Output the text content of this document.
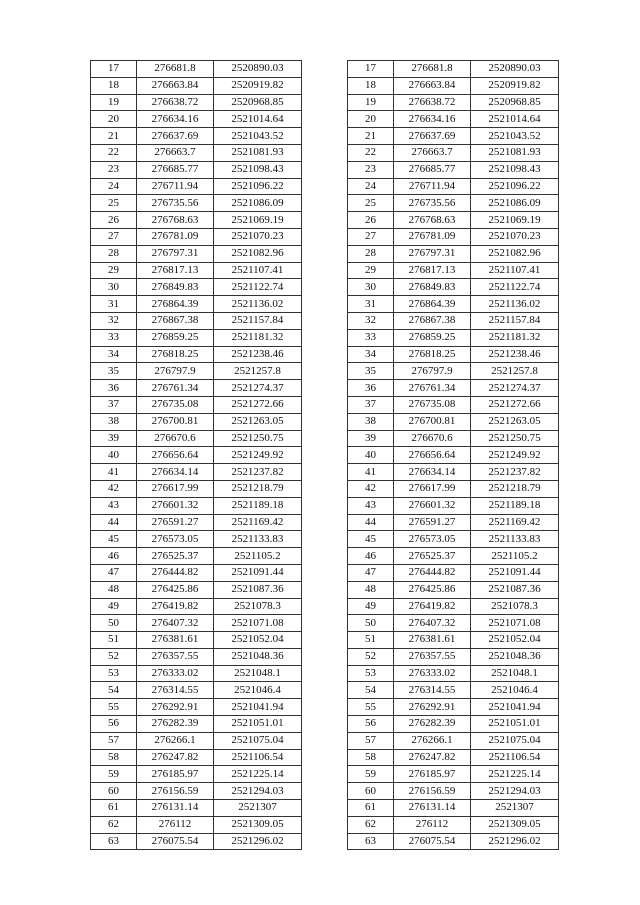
17	276681.8	2520890.03
18	276663.84	2520919.82
19	276638.72	2520968.85
20	276634.16	2521014.64
21	276637.69	2521043.52
22	276663.7	2521081.93
23	276685.77	2521098.43
24	276711.94	2521096.22
25	276735.56	2521086.09
26	276768.63	2521069.19
27	276781.09	2521070.23
28	276797.31	2521082.96
29	276817.13	2521107.41
30	276849.83	2521122.74
31	276864.39	2521136.02
32	276867.38	2521157.84
33	276859.25	2521181.32
34	276818.25	2521238.46
35	276797.9	2521257.8
36	276761.34	2521274.37
37	276735.08	2521272.66
38	276700.81	2521263.05
39	276670.6	2521250.75
40	276656.64	2521249.92
41	276634.14	2521237.82
42	276617.99	2521218.79
43	276601.32	2521189.18
44	276591.27	2521169.42
45	276573.05	2521133.83
46	276525.37	2521105.2
47	276444.82	2521091.44
48	276425.86	2521087.36
49	276419.82	2521078.3
50	276407.32	2521071.08
51	276381.61	2521052.04
52	276357.55	2521048.36
53	276333.02	2521048.1
54	276314.55	2521046.4
55	276292.91	2521041.94
56	276282.39	2521051.01
57	276266.1	2521075.04
58	276247.82	2521106.54
59	276185.97	2521225.14
60	276156.59	2521294.03
61	276131.14	2521307
62	276112	2521309.05
63	276075.54	2521296.02
17	276681.8	2520890.03
18	276663.84	2520919.82
19	276638.72	2520968.85
20	276634.16	2521014.64
21	276637.69	2521043.52
22	276663.7	2521081.93
23	276685.77	2521098.43
24	276711.94	2521096.22
25	276735.56	2521086.09
26	276768.63	2521069.19
27	276781.09	2521070.23
28	276797.31	2521082.96
29	276817.13	2521107.41
30	276849.83	2521122.74
31	276864.39	2521136.02
32	276867.38	2521157.84
33	276859.25	2521181.32
34	276818.25	2521238.46
35	276797.9	2521257.8
36	276761.34	2521274.37
37	276735.08	2521272.66
38	276700.81	2521263.05
39	276670.6	2521250.75
40	276656.64	2521249.92
41	276634.14	2521237.82
42	276617.99	2521218.79
43	276601.32	2521189.18
44	276591.27	2521169.42
45	276573.05	2521133.83
46	276525.37	2521105.2
47	276444.82	2521091.44
48	276425.86	2521087.36
49	276419.82	2521078.3
50	276407.32	2521071.08
51	276381.61	2521052.04
52	276357.55	2521048.36
53	276333.02	2521048.1
54	276314.55	2521046.4
55	276292.91	2521041.94
56	276282.39	2521051.01
57	276266.1	2521075.04
58	276247.82	2521106.54
59	276185.97	2521225.14
60	276156.59	2521294.03
61	276131.14	2521307
62	276112	2521309.05
63	276075.54	2521296.02
